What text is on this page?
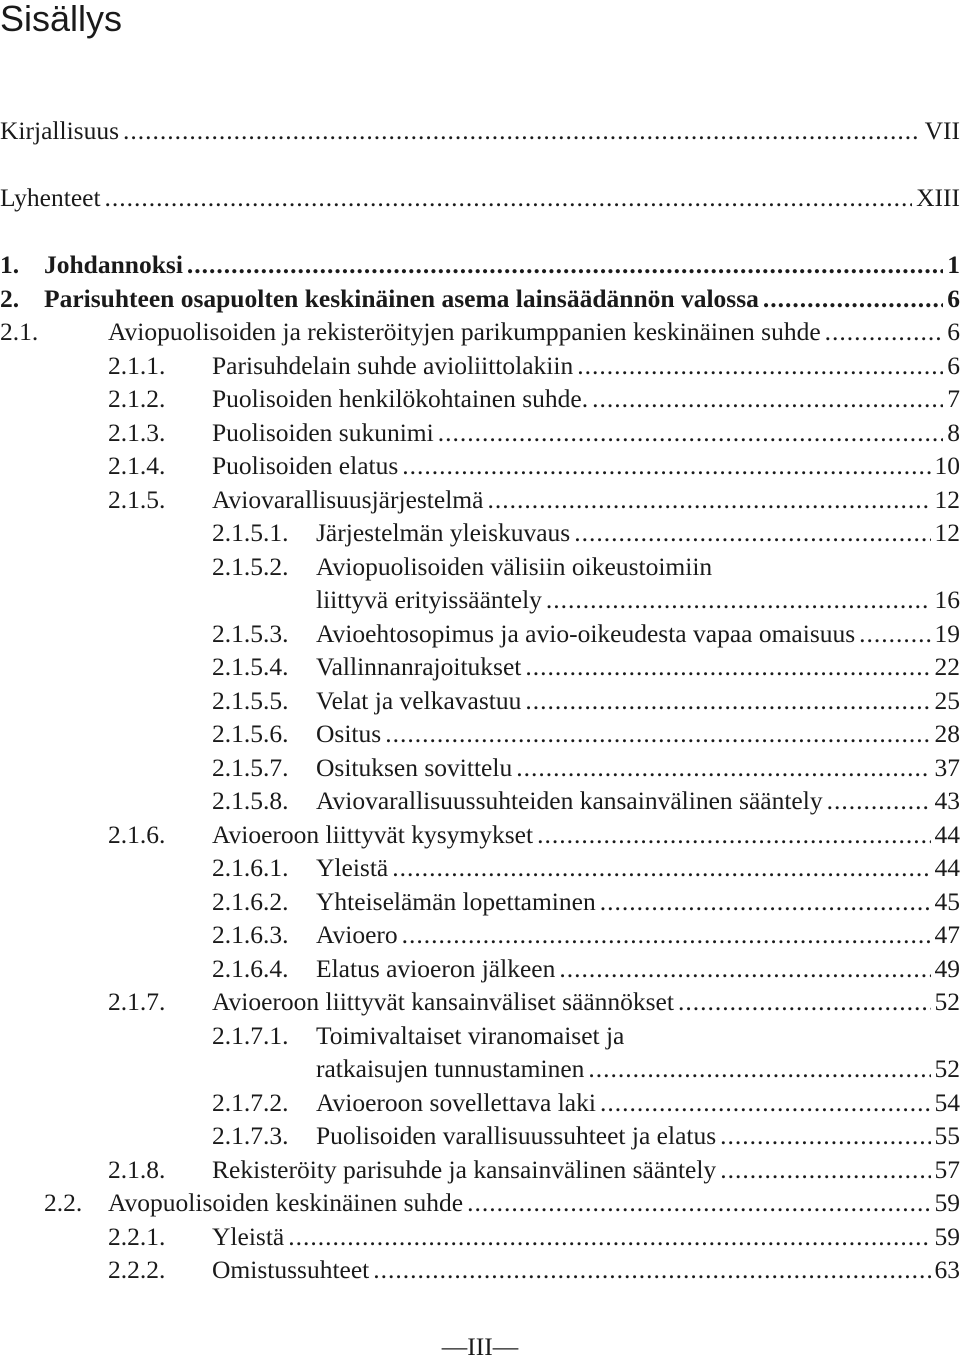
Sisällys
Kirjallisuus .....	VII
Lyhenteet .....	XIII
1. Johdannoksi .....	1
2. Parisuhteen osapuolten keskinäinen asema lainsäädännön valossa .....	6
2.1.	Aviopuolisoiden ja rekisteröityjen parikumppanien keskinäinen suhde .....	6
2.1.1. Parisuhdelain suhde avioliittolakiin .....	6
2.1.2. Puolisoiden henkilökohtainen suhde. .....	7
2.1.3. Puolisoiden sukunimi .....	8
2.1.4. Puolisoiden elatus .....	10
2.1.5. Aviovarallisuusjärjestelmä .....	12
2.1.5.1. Järjestelmän yleiskuvaus .....	12
2.1.5.2. Aviopuolisoiden välisiin oikeustoimiin
liittyvä erityissääntely .....	16
2.1.5.3. Avioehtosopimus ja avio-oikeudesta vapaa omaisuus .....	19
2.1.5.4. Vallinnanrajoitukset .....	22
2.1.5.5. Velat ja velkavastuu .....	25
2.1.5.6. Ositus .....	28
2.1.5.7. Osituksen sovittelu .....	37
2.1.5.8. Aviovarallisuussuhteiden kansainvälinen sääntely .....	43
2.1.6. Avioeroon liittyvät kysymykset .....	44
2.1.6.1. Yleistä .....	44
2.1.6.2. Yhteiselämän lopettaminen .....	45
2.1.6.3. Avioero .....	47
2.1.6.4. Elatus avioeron jälkeen .....	49
2.1.7. Avioeroon liittyvät kansainväliset säännökset .....	52
2.1.7.1. Toimivaltaiset viranomaiset ja
ratkaisujen tunnustaminen .....	52
2.1.7.2. Avioeroon sovellettava laki .....	54
2.1.7.3. Puolisoiden varallisuussuhteet ja elatus .....	55
2.1.8. Rekisteröity parisuhde ja kansainvälinen sääntely .....	57
2.2. Avopuolisoiden keskinäinen suhde .....	59
2.2.1. Yleistä .....	59
2.2.2. Omistussuhteet .....	63
—III—
